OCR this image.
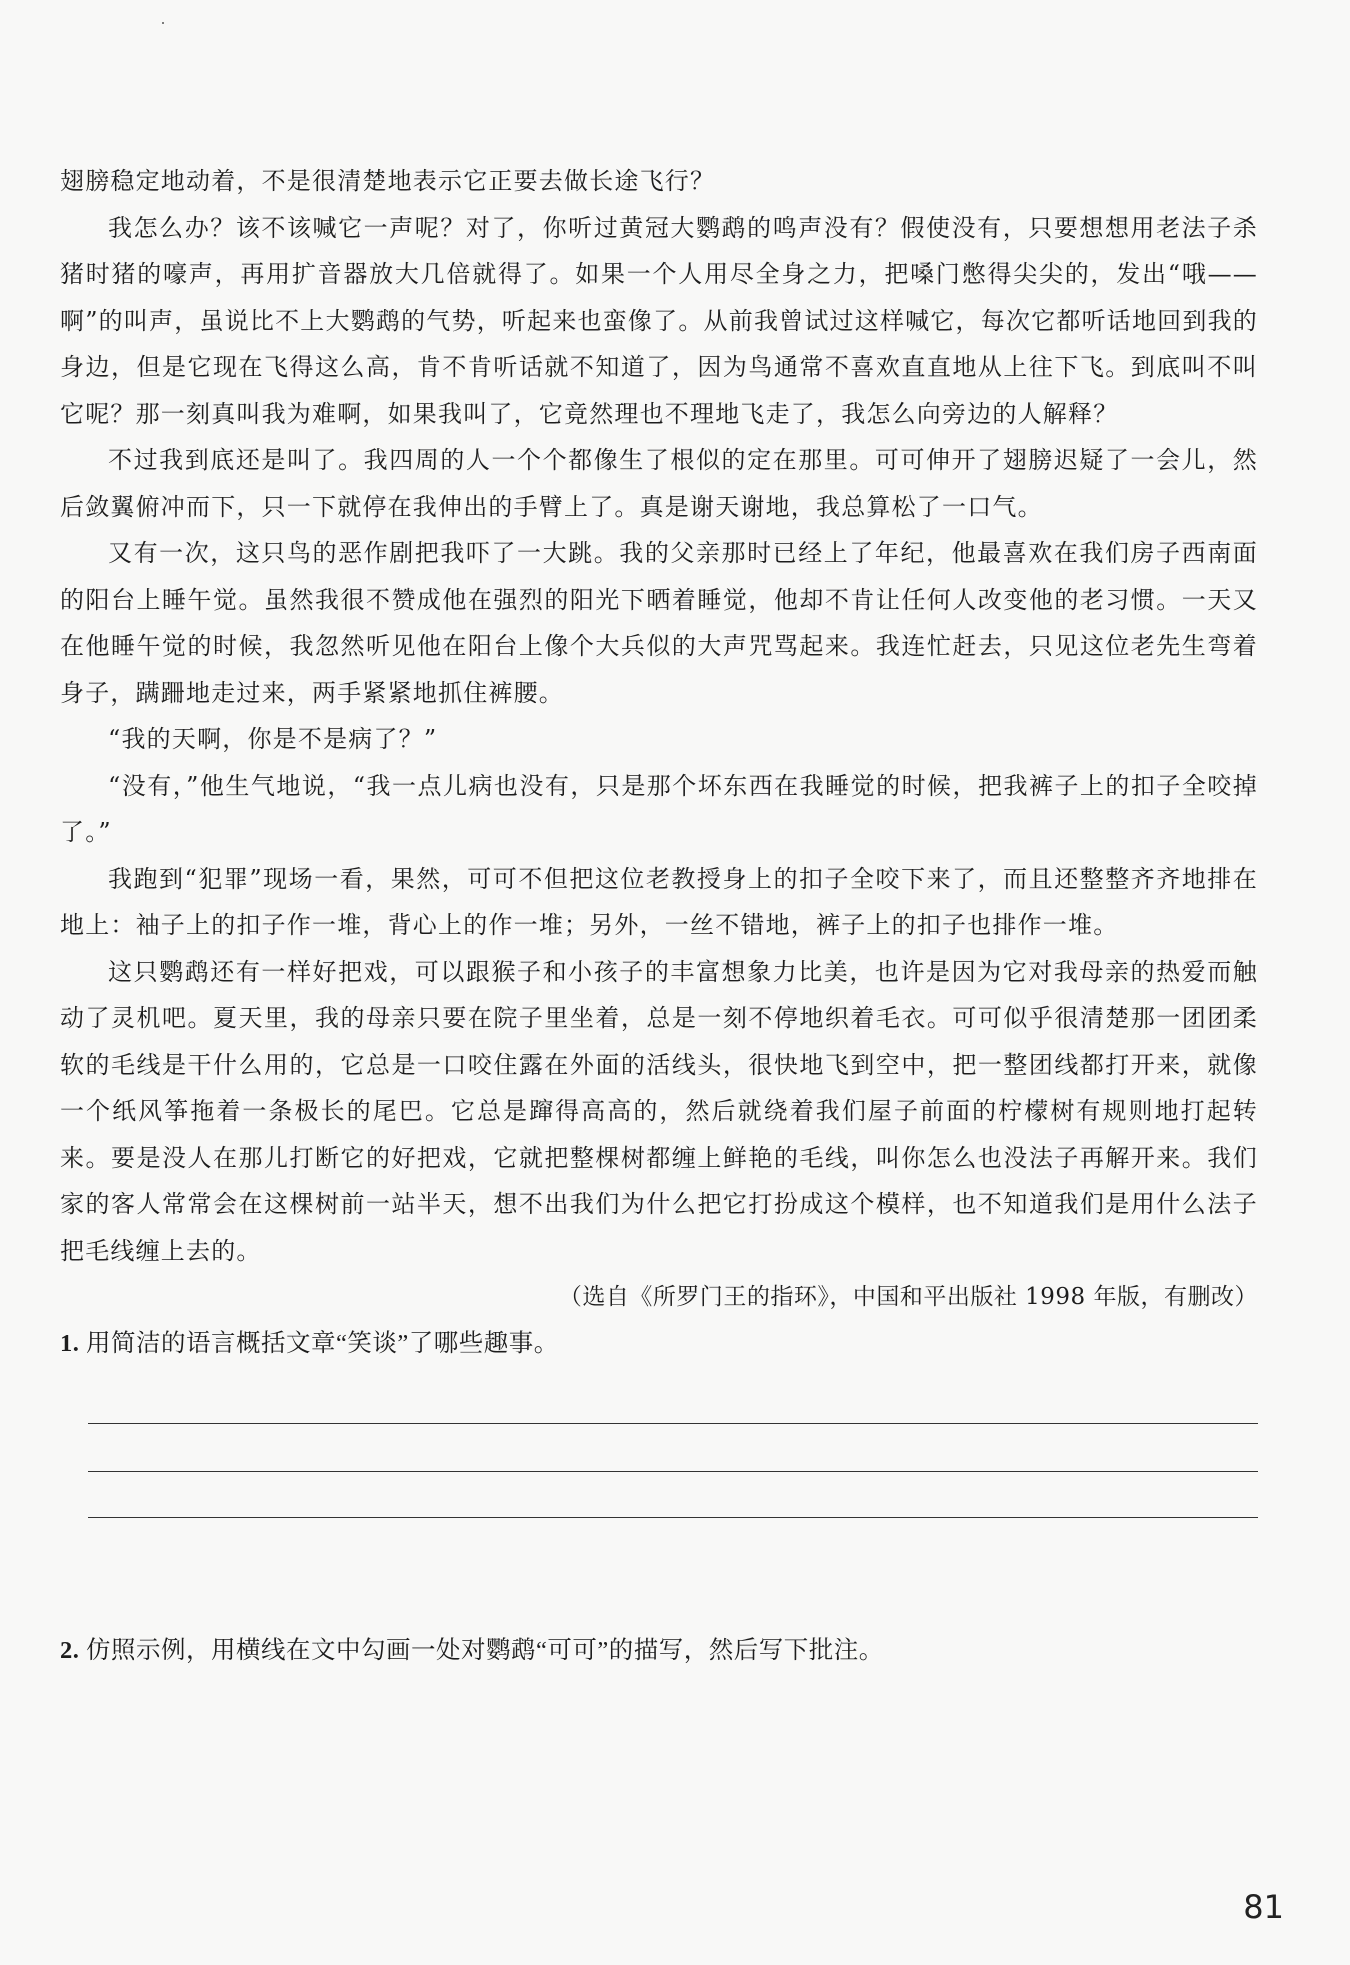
翅膀稳定地动着，不是很清楚地表示它正要去做长途飞行？

我怎么办？该不该喊它一声呢？对了，你听过黄冠大鹦鹉的鸣声没有？假使没有，只要想想用老法子杀猪时猪的嚎声，再用扩音器放大几倍就得了。如果一个人用尽全身之力，把嗓门憋得尖尖的，发出“哦——啊”的叫声，虽说比不上大鹦鹉的气势，听起来也蛮像了。从前我曾试过这样喊它，每次它都听话地回到我的身边，但是它现在飞得这么高，肯不肯听话就不知道了，因为鸟通常不喜欢直直地从上往下飞。到底叫不叫它呢？那一刻真叫我为难啊，如果我叫了，它竟然理也不理地飞走了，我怎么向旁边的人解释？

不过我到底还是叫了。我四周的人一个个都像生了根似的定在那里。可可伸开了翅膀迟疑了一会儿，然后敛翼俯冲而下，只一下就停在我伸出的手臂上了。真是谢天谢地，我总算松了一口气。

又有一次，这只鸟的恶作剧把我吓了一大跳。我的父亲那时已经上了年纪，他最喜欢在我们房子西南面的阳台上睡午觉。虽然我很不赞成他在强烈的阳光下晒着睡觉，他却不肯让任何人改变他的老习惯。一天又在他睡午觉的时候，我忽然听见他在阳台上像个大兵似的大声咒骂起来。我连忙赶去，只见这位老先生弯着身子，蹒跚地走过来，两手紧紧地抓住裤腰。

“我的天啊，你是不是病了？”

“没有，”他生气地说，“我一点儿病也没有，只是那个坏东西在我睡觉的时候，把我裤子上的扣子全咬掉了。”

我跑到“犯罪”现场一看，果然，可可不但把这位老教授身上的扣子全咬下来了，而且还整整齐齐地排在地上：袖子上的扣子作一堆，背心上的作一堆；另外，一丝不错地，裤子上的扣子也排作一堆。

这只鹦鹉还有一样好把戏，可以跟猴子和小孩子的丰富想象力比美，也许是因为它对我母亲的热爱而触动了灵机吧。夏天里，我的母亲只要在院子里坐着，总是一刻不停地织着毛衣。可可似乎很清楚那一团团柔软的毛线是干什么用的，它总是一口咬住露在外面的活线头，很快地飞到空中，把一整团线都打开来，就像一个纸风筝拖着一条极长的尾巴。它总是蹿得高高的，然后就绕着我们屋子前面的柠檬树有规则地打起转来。要是没人在那儿打断它的好把戏，它就把整棵树都缠上鲜艳的毛线，叫你怎么也没法子再解开来。我们家的客人常常会在这棵树前一站半天，想不出我们为什么把它打扮成这个模样，也不知道我们是用什么法子把毛线缠上去的。

（选自《所罗门王的指环》，中国和平出版社 1998 年版，有删改）

1. 用简洁的语言概括文章“笑谈”了哪些趣事。

2. 仿照示例，用横线在文中勾画一处对鹦鹉“可可”的描写，然后写下批注。

81
